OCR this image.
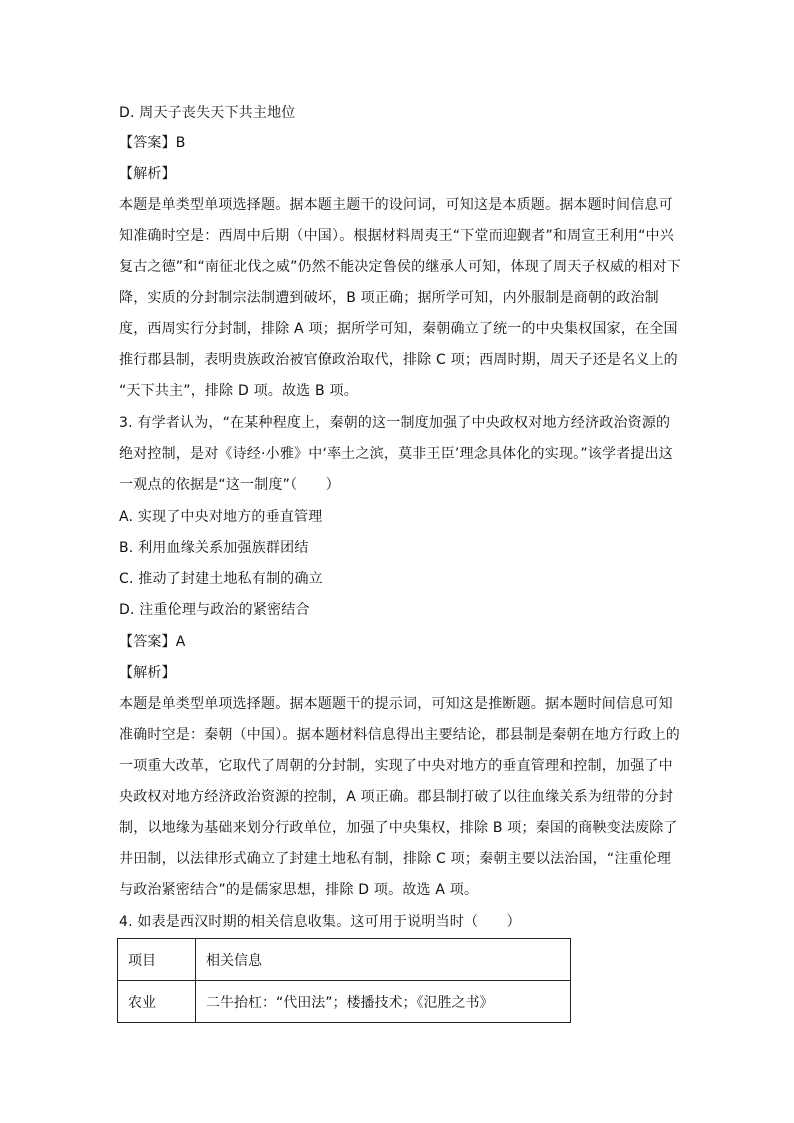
D. 周天子丧失天下共主地位
【答案】B
【解析】
本题是单类型单项选择题。据本题主题干的设问词，可知这是本质题。据本题时间信息可
知准确时空是：西周中后期（中国）。根据材料周夷王“下堂而迎觐者”和周宣王利用“中兴
复古之德”和“南征北伐之威”仍然不能决定鲁侯的继承人可知，体现了周天子权威的相对下
降，实质的分封制宗法制遭到破坏，B 项正确；据所学可知，内外服制是商朝的政治制
度，西周实行分封制，排除 A 项；据所学可知，秦朝确立了统一的中央集权国家，在全国
推行郡县制，表明贵族政治被官僚政治取代，排除 C 项；西周时期，周天子还是名义上的
“天下共主”，排除 D 项。故选 B 项。
3. 有学者认为，“在某种程度上，秦朝的这一制度加强了中央政权对地方经济政治资源的
绝对控制，是对《诗经·小雅》中‘率土之滨，莫非王臣’理念具体化的实现。”该学者提出这
一观点的依据是“这一制度”（　　）
A. 实现了中央对地方的垂直管理
B. 利用血缘关系加强族群团结
C. 推动了封建土地私有制的确立
D. 注重伦理与政治的紧密结合
【答案】A
【解析】
本题是单类型单项选择题。据本题题干的提示词，可知这是推断题。据本题时间信息可知
准确时空是：秦朝（中国）。据本题材料信息得出主要结论，郡县制是秦朝在地方行政上的
一项重大改革，它取代了周朝的分封制，实现了中央对地方的垂直管理和控制，加强了中
央政权对地方经济政治资源的控制，A 项正确。郡县制打破了以往血缘关系为纽带的分封
制，以地缘为基础来划分行政单位，加强了中央集权，排除 B 项；秦国的商鞅变法废除了
井田制，以法律形式确立了封建土地私有制，排除 C 项；秦朝主要以法治国，“注重伦理
与政治紧密结合”的是儒家思想，排除 D 项。故选 A 项。
4. 如表是西汉时期的相关信息收集。这可用于说明当时（　　）
项目	相关信息
农业	二牛抬杠：“代田法”；楼播技术；《氾胜之书》
